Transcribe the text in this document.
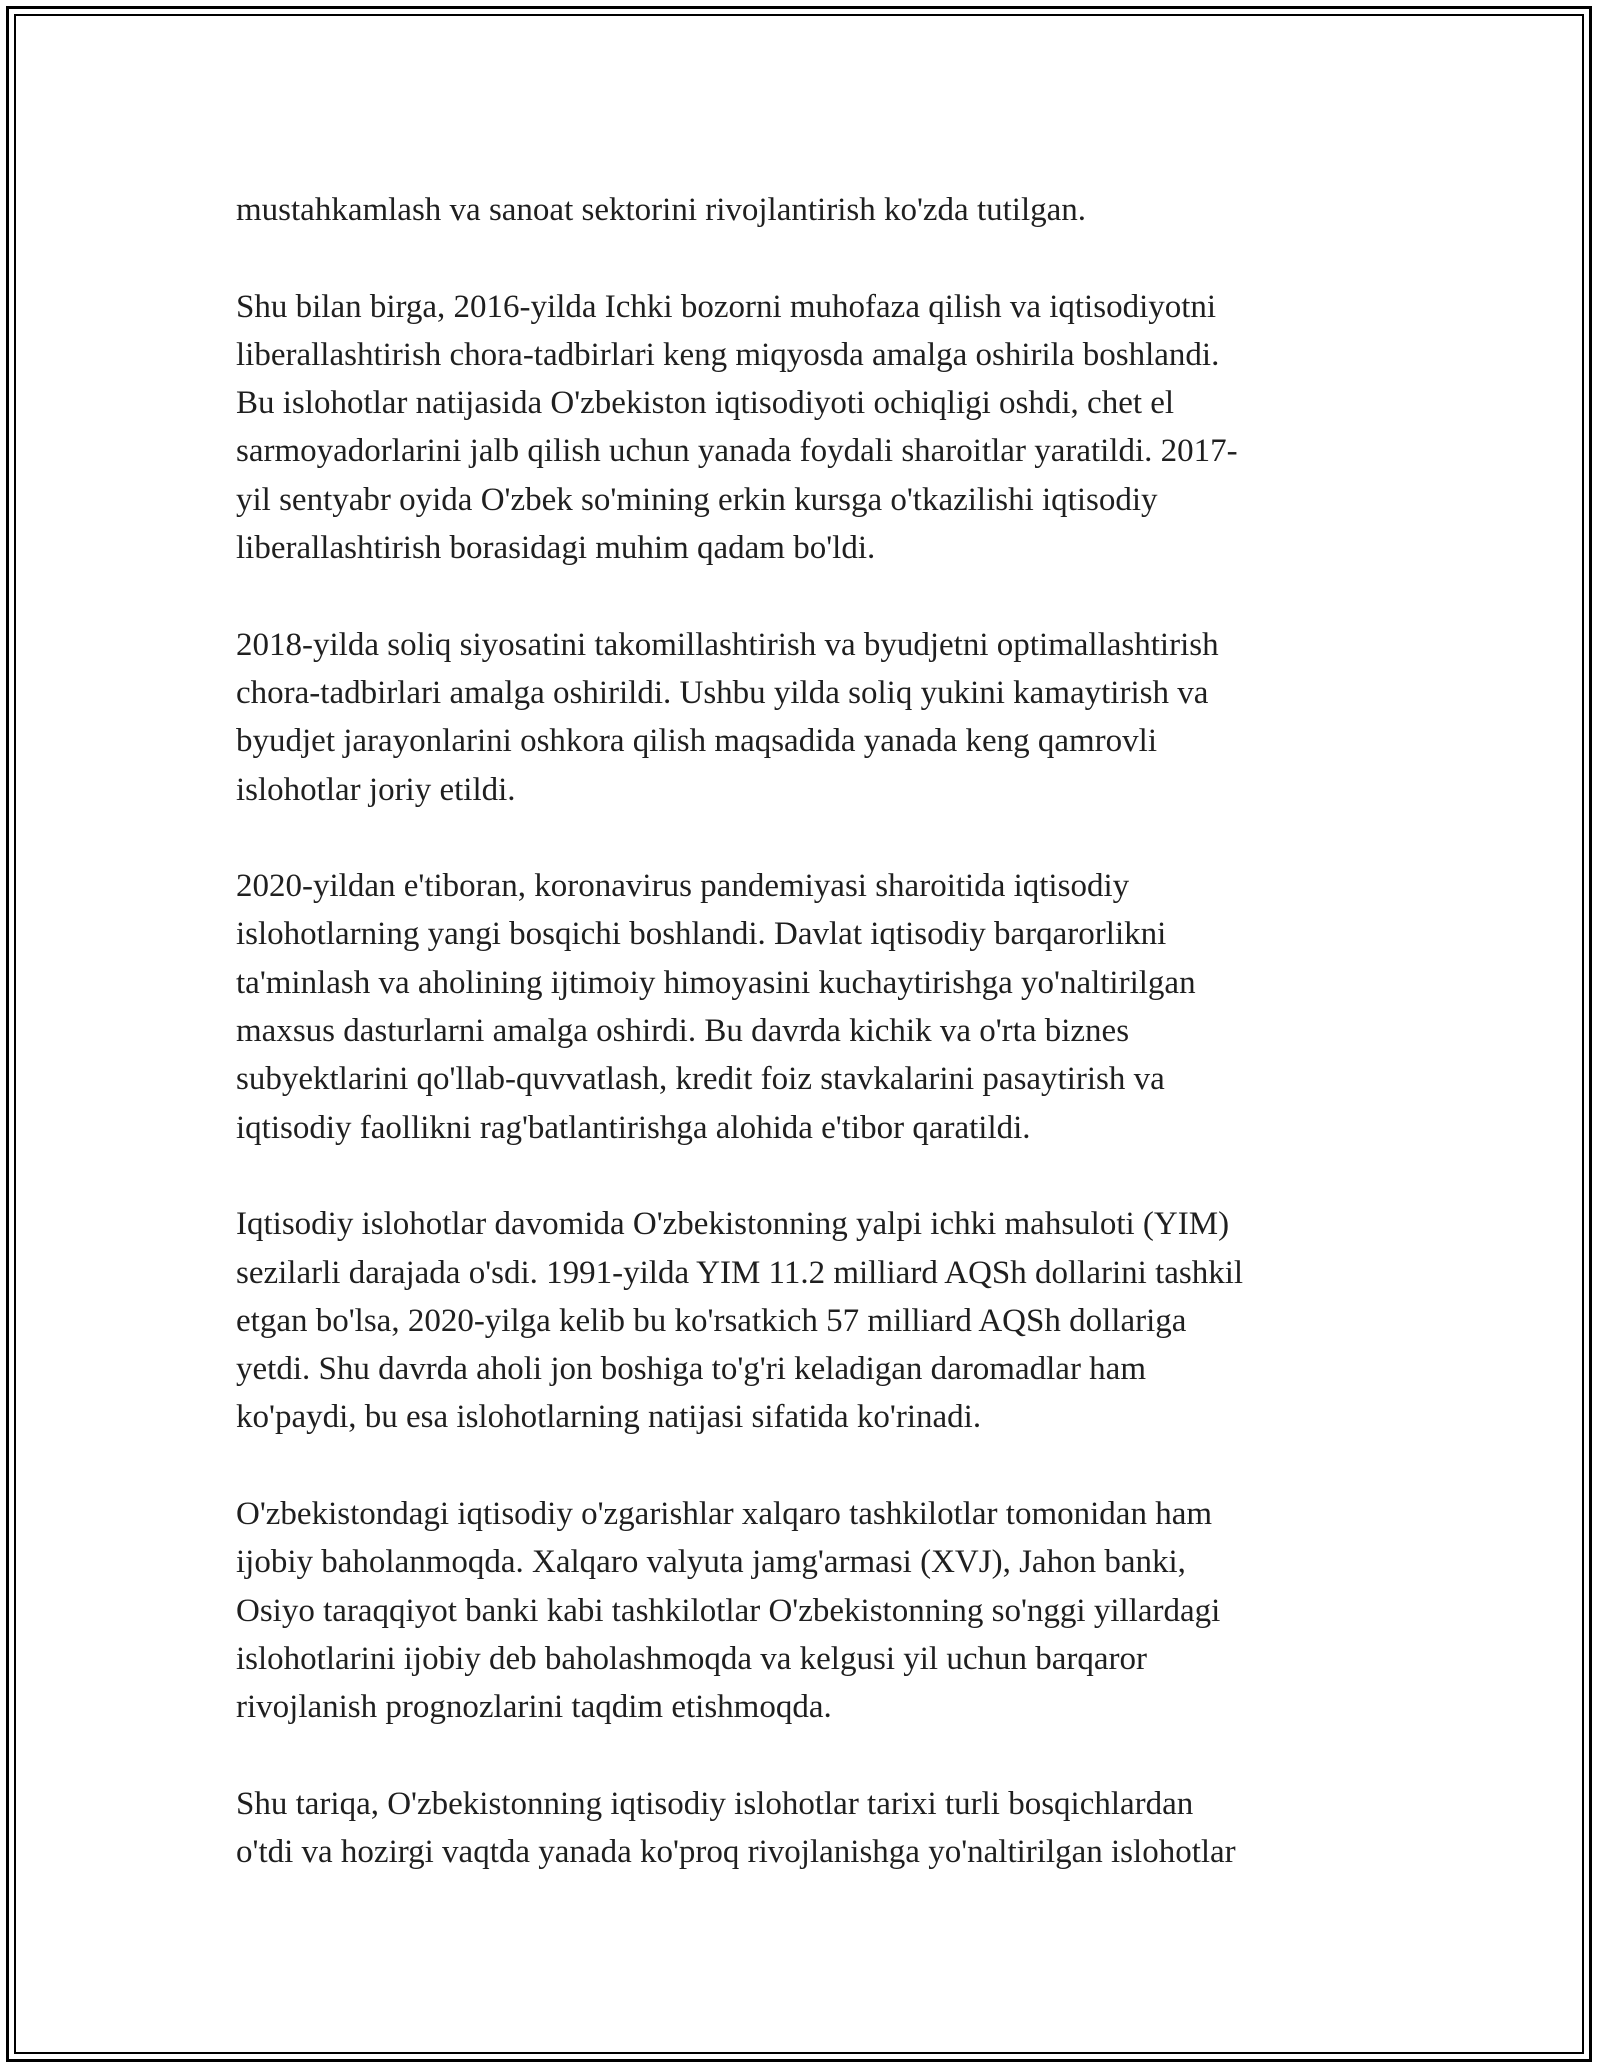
mustahkamlash va sanoat sektorini rivojlantirish ko'zda tutilgan.

Shu bilan birga, 2016-yilda Ichki bozorni muhofaza qilish va iqtisodiyotni
liberallashtirish chora-tadbirlari keng miqyosda amalga oshirila boshlandi.
Bu islohotlar natijasida O'zbekiston iqtisodiyoti ochiqligi oshdi, chet el
sarmoyadorlarini jalb qilish uchun yanada foydali sharoitlar yaratildi. 2017-
yil sentyabr oyida O'zbek so'mining erkin kursga o'tkazilishi iqtisodiy
liberallashtirish borasidagi muhim qadam bo'ldi.

2018-yilda soliq siyosatini takomillashtirish va byudjetni optimallashtirish
chora-tadbirlari amalga oshirildi. Ushbu yilda soliq yukini kamaytirish va
byudjet jarayonlarini oshkora qilish maqsadida yanada keng qamrovli
islohotlar joriy etildi.

2020-yildan e'tiboran, koronavirus pandemiyasi sharoitida iqtisodiy
islohotlarning yangi bosqichi boshlandi. Davlat iqtisodiy barqarorlikni
ta'minlash va aholining ijtimoiy himoyasini kuchaytirishga yo'naltirilgan
maxsus dasturlarni amalga oshirdi. Bu davrda kichik va o'rta biznes
subyektlarini qo'llab-quvvatlash, kredit foiz stavkalarini pasaytirish va
iqtisodiy faollikni rag'batlantirishga alohida e'tibor qaratildi.

Iqtisodiy islohotlar davomida O'zbekistonning yalpi ichki mahsuloti (YIM)
sezilarli darajada o'sdi. 1991-yilda YIM 11.2 milliard AQSh dollarini tashkil
etgan bo'lsa, 2020-yilga kelib bu ko'rsatkich 57 milliard AQSh dollariga
yetdi. Shu davrda aholi jon boshiga to'g'ri keladigan daromadlar ham
ko'paydi, bu esa islohotlarning natijasi sifatida ko'rinadi.

O'zbekistondagi iqtisodiy o'zgarishlar xalqaro tashkilotlar tomonidan ham
ijobiy baholanmoqda. Xalqaro valyuta jamg'armasi (XVJ), Jahon banki,
Osiyo taraqqiyot banki kabi tashkilotlar O'zbekistonning so'nggi yillardagi
islohotlarini ijobiy deb baholashmoqda va kelgusi yil uchun barqaror
rivojlanish prognozlarini taqdim etishmoqda.

Shu tariqa, O'zbekistonning iqtisodiy islohotlar tarixi turli bosqichlardan
o'tdi va hozirgi vaqtda yanada ko'proq rivojlanishga yo'naltirilgan islohotlar
